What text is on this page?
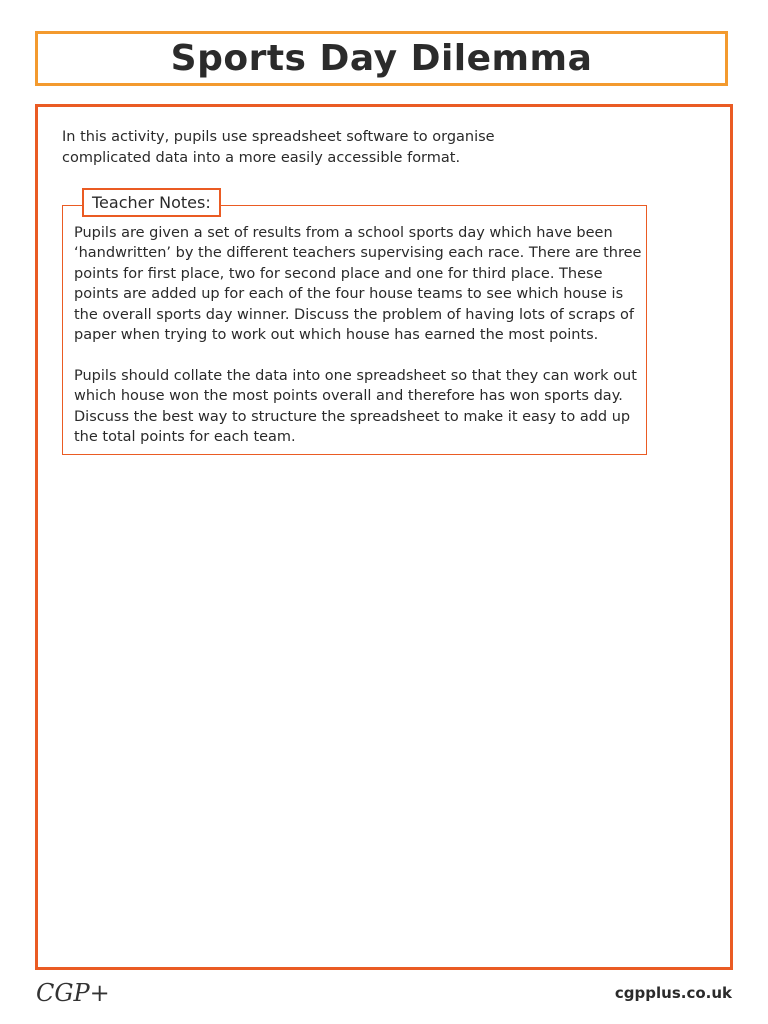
Sports Day Dilemma

In this activity, pupils use spreadsheet software to organise complicated data into a more easily accessible format.

Teacher Notes:

Pupils are given a set of results from a school sports day which have been ‘handwritten’ by the different teachers supervising each race. There are three points for first place, two for second place and one for third place. These points are added up for each of the four house teams to see which house is the overall sports day winner. Discuss the problem of having lots of scraps of paper when trying to work out which house has earned the most points.

Pupils should collate the data into one spreadsheet so that they can work out which house won the most points overall and therefore has won sports day. Discuss the best way to structure the spreadsheet to make it easy to add up the total points for each team.

CGP+	cgpplus.co.uk
